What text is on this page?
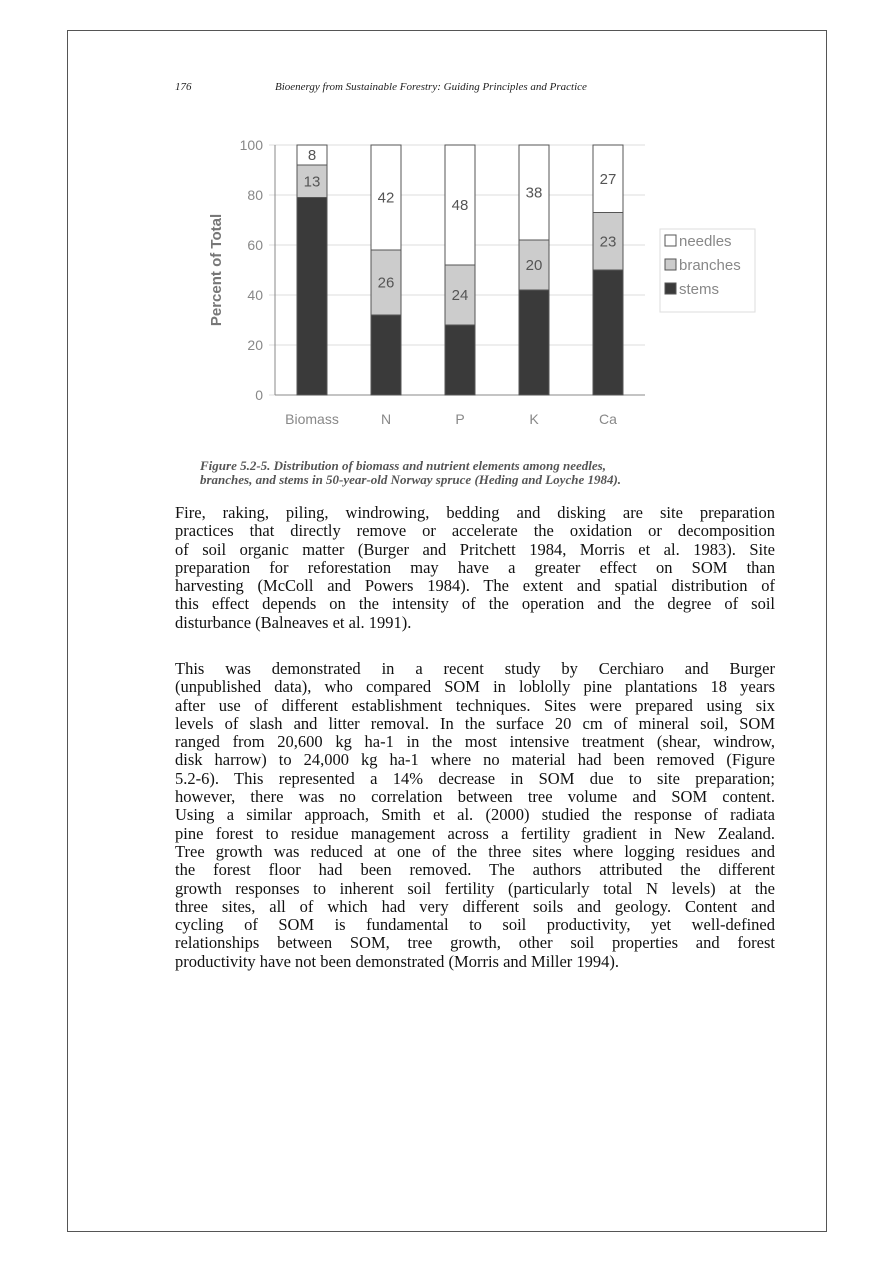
176	Bioenergy from Sustainable Forestry: Guiding Principles and Practice
0
20
40
60
80
100
Percent of Total
13
8
Biomass
26
42
N
24
48
P
20
38
K
23
27
Ca
needles
branches
stems
Figure 5.2-5. Distribution of biomass and nutrient elements among needles,
branches, and stems in 50-year-old Norway spruce (Heding and Loyche 1984).
Fire, raking, piling, windrowing, bedding and disking are site preparation
practices that directly remove or accelerate the oxidation or decomposition
of soil organic matter (Burger and Pritchett 1984, Morris et al. 1983). Site
preparation for reforestation may have a greater effect on SOM than
harvesting (McColl and Powers 1984). The extent and spatial distribution of
this effect depends on the intensity of the operation and the degree of soil
disturbance (Balneaves et al. 1991).
This was demonstrated in a recent study by Cerchiaro and Burger
(unpublished data), who compared SOM in loblolly pine plantations 18 years
after use of different establishment techniques. Sites were prepared using six
levels of slash and litter removal. In the surface 20 cm of mineral soil, SOM
ranged from 20,600 kg ha-1 in the most intensive treatment (shear, windrow,
disk harrow) to 24,000 kg ha-1 where no material had been removed (Figure
5.2-6). This represented a 14% decrease in SOM due to site preparation;
however, there was no correlation between tree volume and SOM content.
Using a similar approach, Smith et al. (2000) studied the response of radiata
pine forest to residue management across a fertility gradient in New Zealand.
Tree growth was reduced at one of the three sites where logging residues and
the forest floor had been removed. The authors attributed the different
growth responses to inherent soil fertility (particularly total N levels) at the
three sites, all of which had very different soils and geology. Content and
cycling of SOM is fundamental to soil productivity, yet well-defined
relationships between SOM, tree growth, other soil properties and forest
productivity have not been demonstrated (Morris and Miller 1994).
